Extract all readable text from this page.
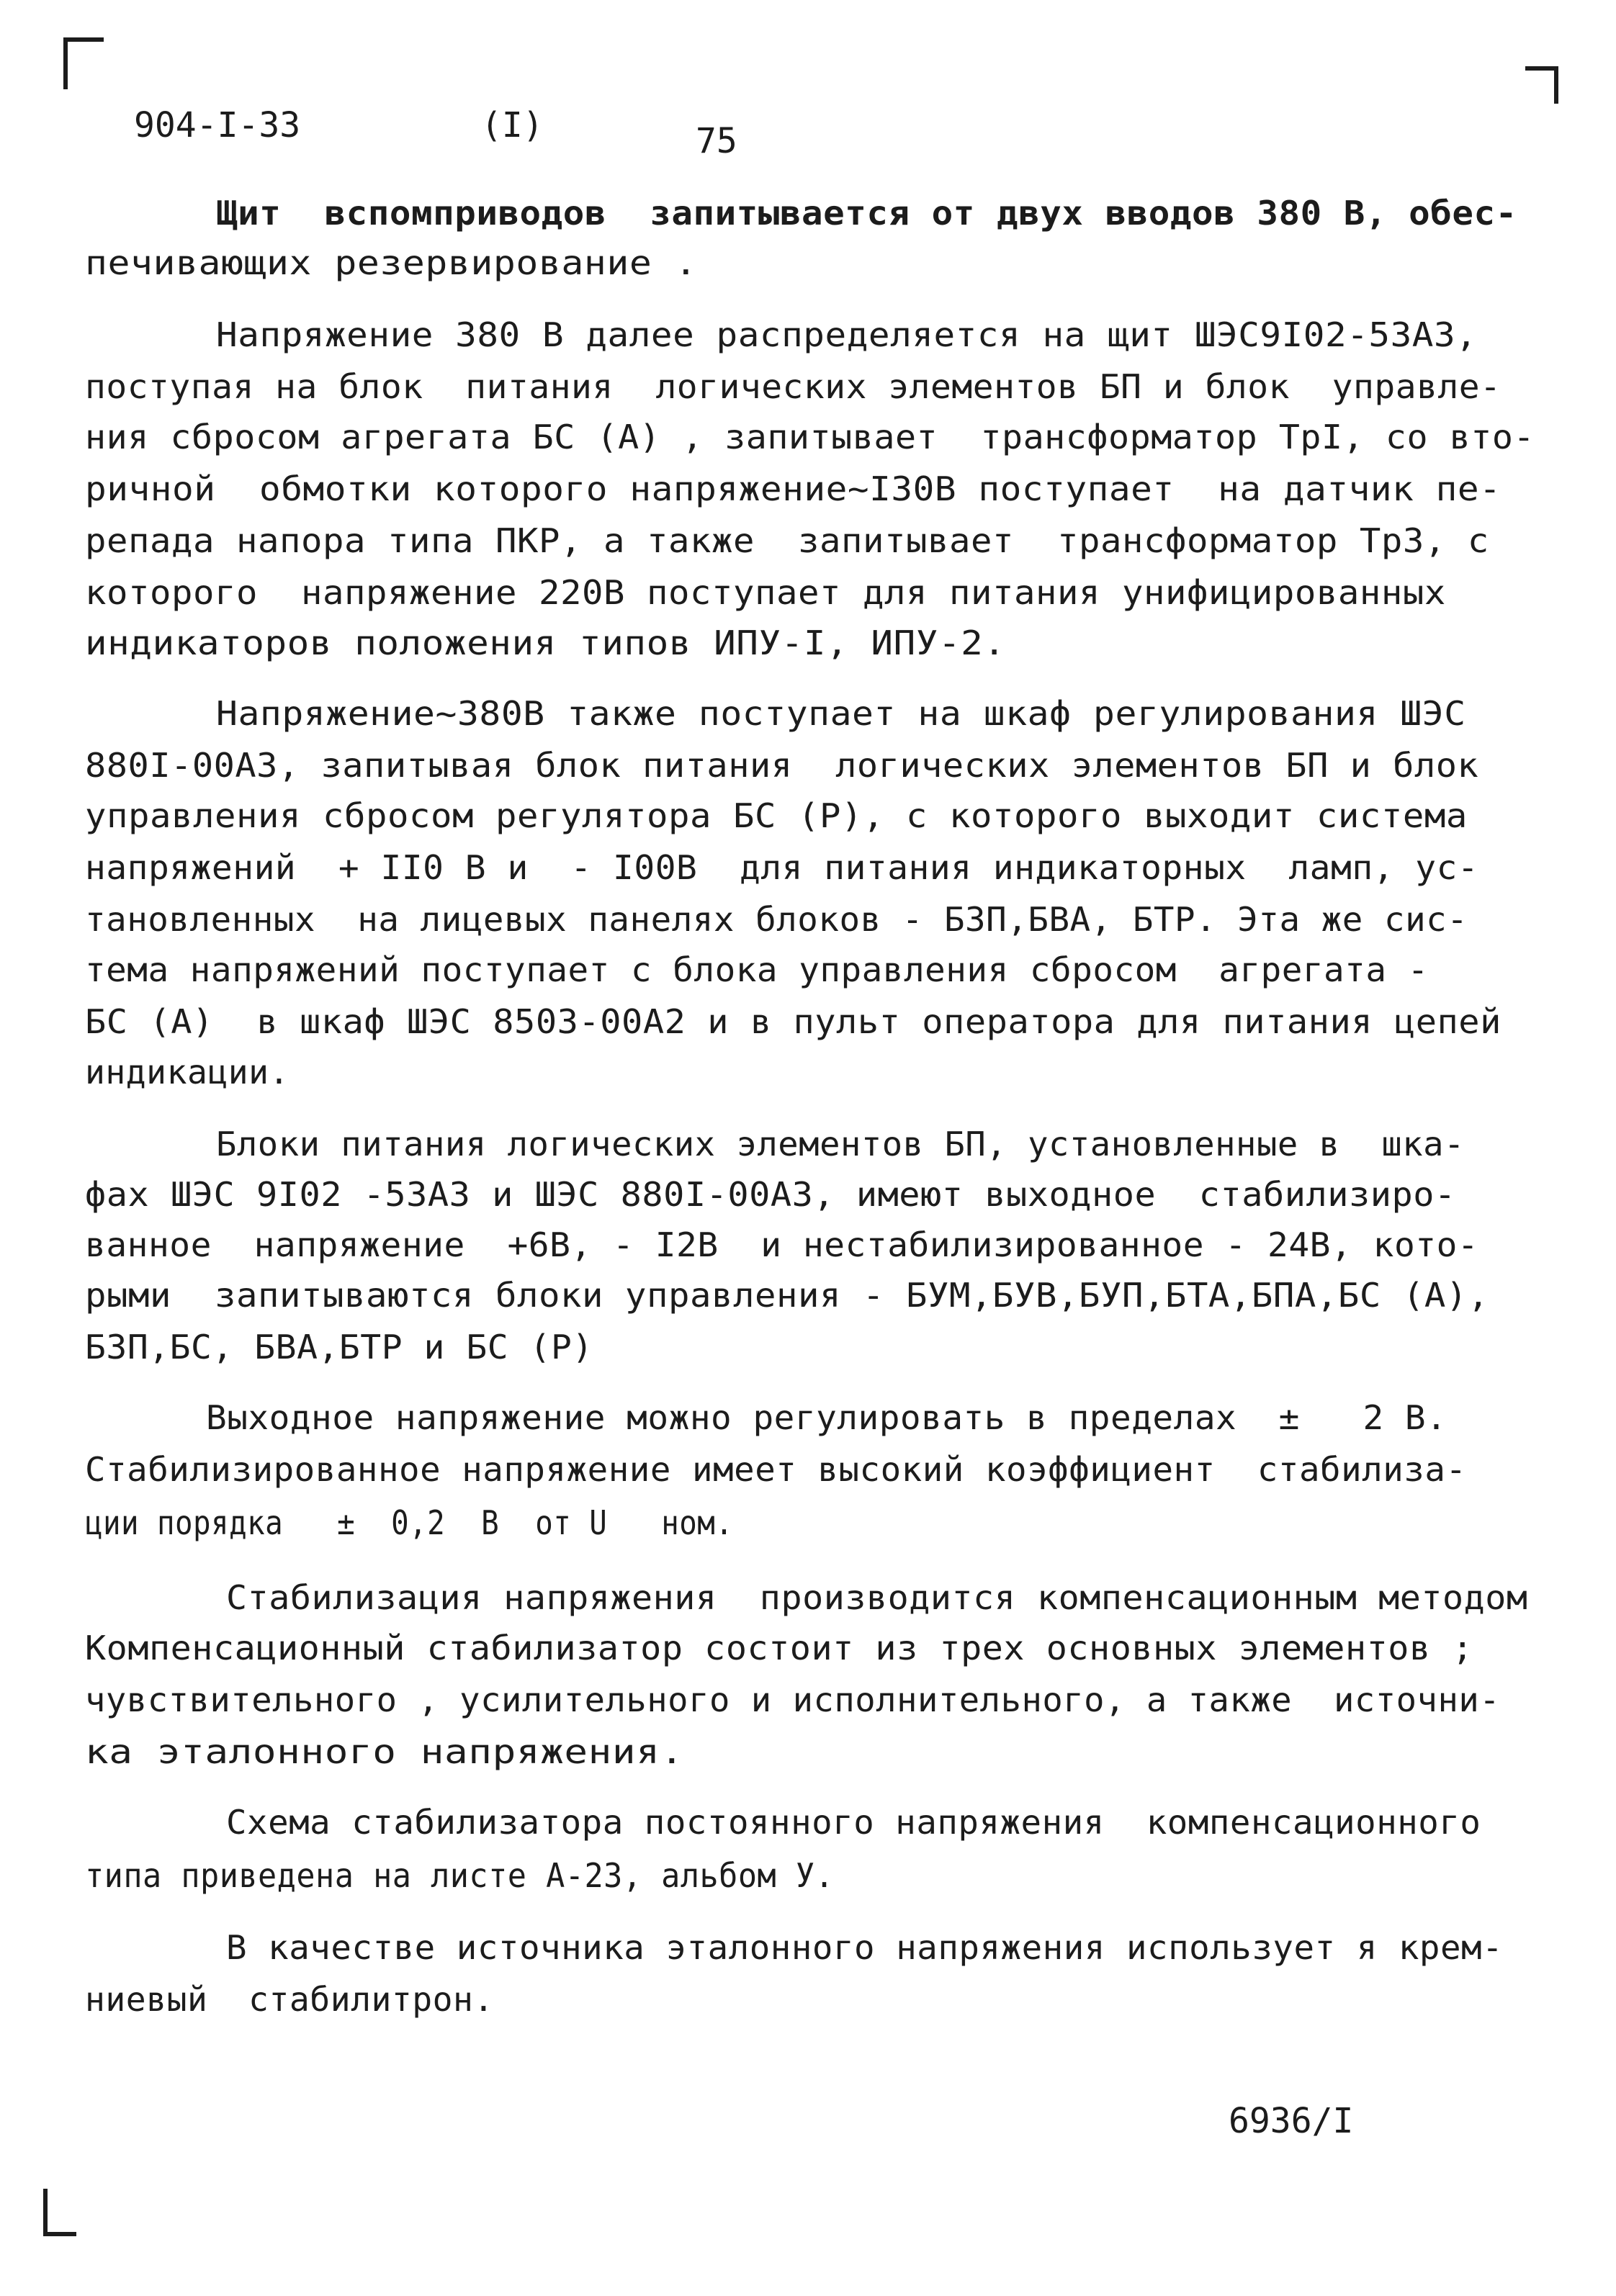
904-I-33	(I)	75
Щит  вспомприводов  запитывается от двух вводов 380 В, обес-
печивающих резервирование .
Напряжение 380 В далее распределяется на щит ШЭС9I02-53А3,
поступая на блок  питания  логических элементов БП и блок  управле-
ния сбросом агрегата БС (А) , запитывает  трансформатор ТрI, со вто-
ричной  обмотки которого напряжение~I30В поступает  на датчик пе-
репада напора типа ПКР, а также  запитывает  трансформатор Тр3, с
которого  напряжение 220В поступает для питания унифицированных
индикаторов положения типов ИПУ-I, ИПУ-2.
Напряжение~380В также поступает на шкаф регулирования ШЭС
880I-00А3, запитывая блок питания  логических элементов БП и блок
управления сбросом регулятора БС (Р), с которого выходит система
напряжений  + II0 В и  - I00В  для питания индикаторных  ламп, ус-
тановленных  на лицевых панелях блоков - БЗП,БВА, БТР. Эта же сис-
тема напряжений поступает с блока управления сбросом  агрегата -
БС (А)  в шкаф ШЭС 8503-00А2 и в пульт оператора для питания цепей
индикации.
Блоки питания логических элементов БП, установленные в  шка-
фах ШЭС 9I02 -53А3 и ШЭС 880I-00А3, имеют выходное  стабилизиро-
ванное  напряжение  +6В, - I2В  и нестабилизированное - 24В, кото-
рыми  запитываются блоки управления - БУМ,БУВ,БУП,БТА,БПА,БС (А),
БЗП,БС, БВА,БТР и БС (Р)
Выходное напряжение можно регулировать в пределах  ±   2 В.
Стабилизированное напряжение имеет высокий коэффициент  стабилиза-
ции порядка   ±  0,2  В  от U   ном.
Стабилизация напряжения  производится компенсационным методом
Компенсационный стабилизатор состоит из трех основных элементов ;
чувствительного , усилительного и исполнительного, а также  источни-
ка эталонного напряжения.
Схема стабилизатора постоянного напряжения  компенсационного
типа приведена на листе А-23, альбом У.
В качестве источника эталонного напряжения использует я крем-
ниевый  стабилитрон.
6936/I
